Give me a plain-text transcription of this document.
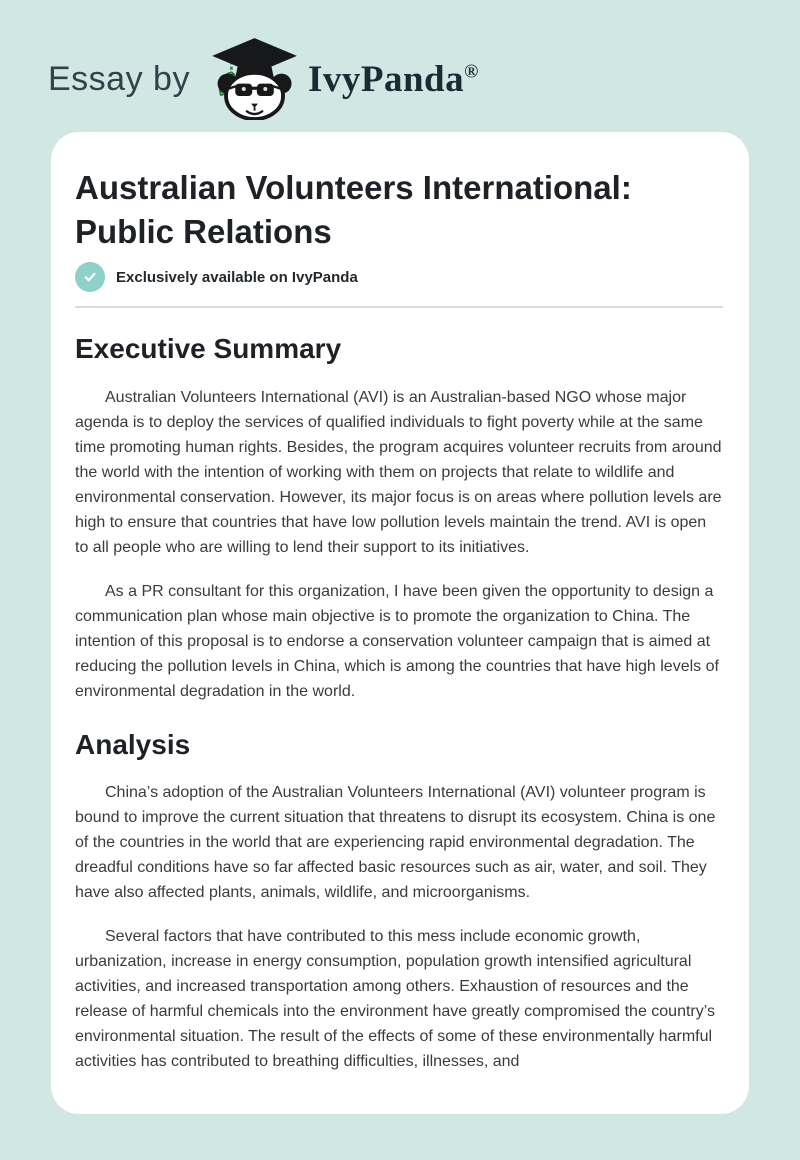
Essay by	IvyPanda®
Australian Volunteers International: Public Relations
Exclusively available on IvyPanda
Executive Summary

Australian Volunteers International (AVI) is an Australian-based NGO whose major agenda is to deploy the services of qualified individuals to fight poverty while at the same time promoting human rights. Besides, the program acquires volunteer recruits from around the world with the intention of working with them on projects that relate to wildlife and environmental conservation. However, its major focus is on areas where pollution levels are high to ensure that countries that have low pollution levels maintain the trend. AVI is open to all people who are willing to lend their support to its initiatives.

As a PR consultant for this organization, I have been given the opportunity to design a communication plan whose main objective is to promote the organization to China. The intention of this proposal is to endorse a conservation volunteer campaign that is aimed at reducing the pollution levels in China, which is among the countries that have high levels of environmental degradation in the world.

Analysis

China’s adoption of the Australian Volunteers International (AVI) volunteer program is bound to improve the current situation that threatens to disrupt its ecosystem. China is one of the countries in the world that are experiencing rapid environmental degradation. The dreadful conditions have so far affected basic resources such as air, water, and soil. They have also affected plants, animals, wildlife, and microorganisms.

Several factors that have contributed to this mess include economic growth, urbanization, increase in energy consumption, population growth intensified agricultural activities, and increased transportation among others. Exhaustion of resources and the release of harmful chemicals into the environment have greatly compromised the country’s environmental situation. The result of the effects of some of these environmentally harmful activities has contributed to breathing difficulties, illnesses, and
